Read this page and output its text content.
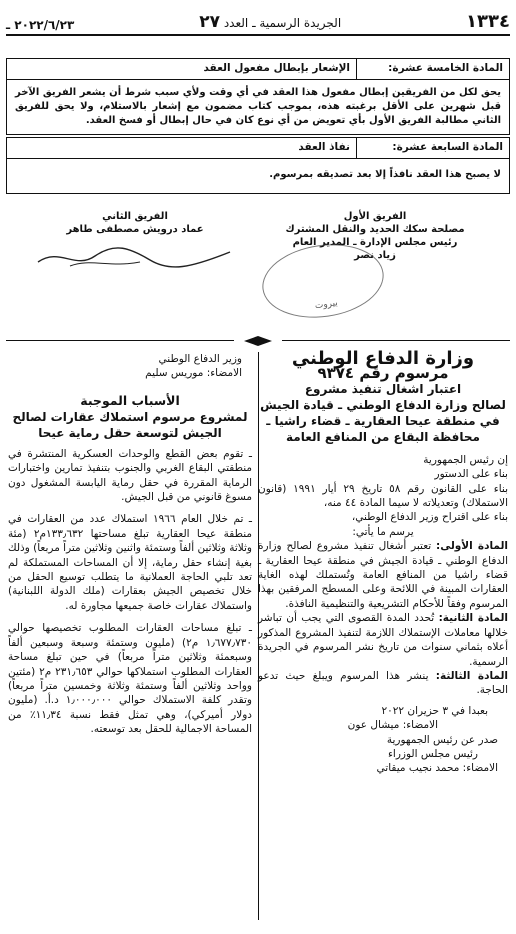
١٣٣٤
الجريدة الرسمية ـ العدد ٢٧
٢٠٢٢/٦/٢٣ ـ
المادة الخامسة عشرة:
الإشعار بإبطال مفعول العقد
يحق لكل من الفريقين إبطال مفعول هذا العقد في أي وقت ولأي سبب شرط أن يشعر الفريق الآخر قبل شهرين على الأقل برغبته هذه، بموجب كتاب مضمون مع إشعار بالاستلام، ولا يحق للفريق الثاني مطالبة الفريق الأول بأي تعويض من أي نوع كان في حال إبطال أو فسخ العقد.
المادة السابعة عشرة:
نفاذ العقد
لا يصبح هذا العقد نافذاً إلا بعد تصديقه بمرسوم.
الفريق الأول
مصلحة سكك الحديد والنقل المشترك
رئيس مجلس الإدارة ـ المدير العام
زياد نصر
بيروت
الفريق الثاني
عماد درويش مصطفى طاهر
وزارة الدفاع الوطني
مرسوم رقم ٩٣٧٤
اعتبار اشغال تنفيذ مشروع
لصالح وزارة الدفاع الوطني ـ قيادة الجيش
في منطقة عيحا العقارية ـ قضاء راشيا ـ
محافظة البقاع من المنافع العامة

إن رئيس الجمهورية

بناء على الدستور

بناء على القانون رقم ٥٨ تاريخ ٢٩ أيار ١٩٩١ (قانون الاستملاك) وتعديلاته لا سيما المادة ٤٤ منه،

بناء على اقتراح وزير الدفاع الوطني،

يرسم ما يأتي:

المادة الأولى: تعتبر أشغال تنفيذ مشروع لصالح وزارة الدفاع الوطني ـ قيادة الجيش في منطقة عيحا العقارية ـ قضاء راشيا من المنافع العامة وتُستملك لهذه الغاية العقارات المبينة في اللائحة وعلى المسطح المرفقين بهذا المرسوم وفقاً للأحكام التشريعية والتنظيمية النافذة.

المادة الثانية: تُحدد المدة القصوى التي يجب أن تباشر خلالها معاملات الإستملاك اللازمة لتنفيذ المشروع المذكور أعلاه بثماني سنوات من تاريخ نشر المرسوم في الجريدة الرسمية.

المادة الثالثة: ينشر هذا المرسوم ويبلغ حيث تدعو الحاجة.

بعبدا في ٣ حزيران ٢٠٢٢

الامضاء: ميشال عون

صدر عن رئيس الجمهورية

رئيس مجلس الوزراء

الامضاء: محمد نجيب ميقاتي

وزير الدفاع الوطني

الامضاء: موريس سليم

الأسباب الموجبة
لمشروع مرسوم استملاك عقارات لصالح الجيش لتوسعة حقل رماية عيحا

ـ تقوم بعض القطع والوحدات العسكرية المنتشرة في منطقتي البقاع الغربي والجنوب بتنفيذ تمارين واختبارات الرماية المقررة في حقل رماية اليابسة المشغول دون مسوغ قانوني من قبل الجيش.

ـ تم خلال العام ١٩٦٦ استملاك عدد من العقارات في منطقة عيحا العقارية تبلغ مساحتها ١٣٣٫٦٣٢م٢ (مئة وثلاثة وثلاثين ألفاً وستمئة واثنين وثلاثين متراً مربعاً) وذلك بغية إنشاء حقل رماية، إلا أن المساحات المستملكة لم تعد تلبي الحاجة العملانية ما يتطلب توسيع الحقل من خلال تخصيص الجيش بعقارات (ملك الدولة اللبنانية) واستملاك عقارات خاصة جميعها مجاورة له.

ـ تبلغ مساحات العقارات المطلوب تخصيصها حوالي ١٫٦٧٧٫٧٣٠ م٢) (مليون وستمئة وسبعة وسبعين ألفاً وسبعمئة وثلاثين متراً مربعاً) في حين تبلغ مساحة العقارات المطلوب استملاكها حوالي ٢٣١٫٦٥٣ م٢ (مئتين وواحد وثلاثين ألفاً وستمئة وثلاثة وخمسين متراً مربعاً) وتقدر كلفة الاستملاك حوالي ١٫٠٠٠٫٠٠٠ د.أ. (مليون دولار أميركي)، وهي تمثل فقط نسبة ١١٫٣٤٪ من المساحة الاجمالية للحقل بعد توسعته.
